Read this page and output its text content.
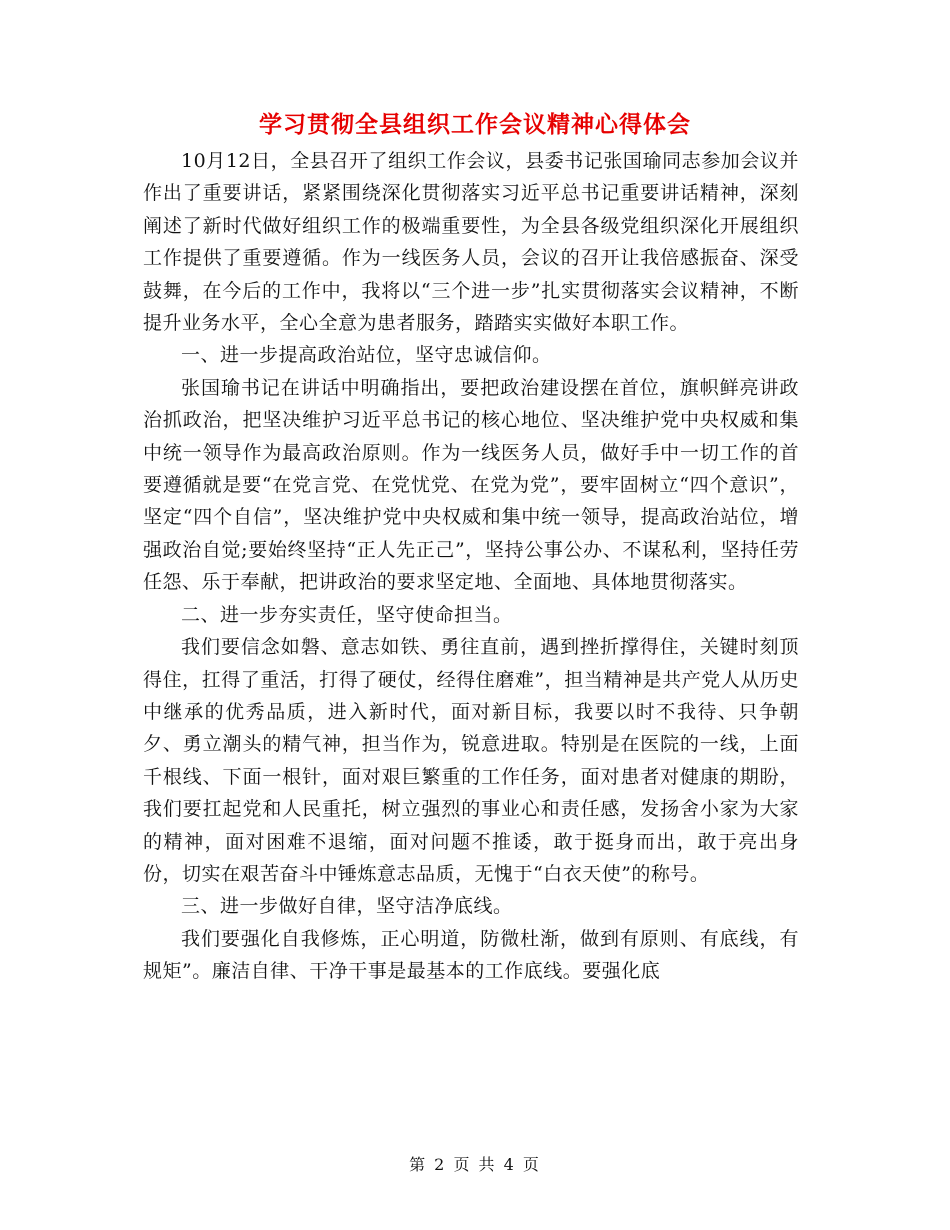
学习贯彻全县组织工作会议精神心得体会

10月12日，全县召开了组织工作会议，县委书记张国瑜同志参加会议并作出了重要讲话，紧紧围绕深化贯彻落实习近平总书记重要讲话精神，深刻阐述了新时代做好组织工作的极端重要性，为全县各级党组织深化开展组织工作提供了重要遵循。作为一线医务人员，会议的召开让我倍感振奋、深受鼓舞，在今后的工作中，我将以“三个进一步”扎实贯彻落实会议精神，不断提升业务水平，全心全意为患者服务，踏踏实实做好本职工作。

一、进一步提高政治站位，坚守忠诚信仰。

张国瑜书记在讲话中明确指出，要把政治建设摆在首位，旗帜鲜亮讲政治抓政治，把坚决维护习近平总书记的核心地位、坚决维护党中央权威和集中统一领导作为最高政治原则。作为一线医务人员，做好手中一切工作的首要遵循就是要“在党言党、在党忧党、在党为党”，要牢固树立“四个意识”，坚定“四个自信”，坚决维护党中央权威和集中统一领导，提高政治站位，增强政治自觉;要始终坚持“正人先正己”，坚持公事公办、不谋私利，坚持任劳任怨、乐于奉献，把讲政治的要求坚定地、全面地、具体地贯彻落实。

二、进一步夯实责任，坚守使命担当。

我们要信念如磐、意志如铁、勇往直前，遇到挫折撑得住，关键时刻顶得住，扛得了重活，打得了硬仗，经得住磨难”，担当精神是共产党人从历史中继承的优秀品质，进入新时代，面对新目标，我要以时不我待、只争朝夕、勇立潮头的精气神，担当作为，锐意进取。特别是在医院的一线，上面千根线、下面一根针，面对艰巨繁重的工作任务，面对患者对健康的期盼，我们要扛起党和人民重托，树立强烈的事业心和责任感，发扬舍小家为大家的精神，面对困难不退缩，面对问题不推诿，敢于挺身而出，敢于亮出身份，切实在艰苦奋斗中锤炼意志品质，无愧于“白衣天使”的称号。

三、进一步做好自律，坚守洁净底线。

我们要强化自我修炼，正心明道，防微杜渐，做到有原则、有底线，有规矩”。廉洁自律、干净干事是最基本的工作底线。要强化底

第 2 页 共 4 页
